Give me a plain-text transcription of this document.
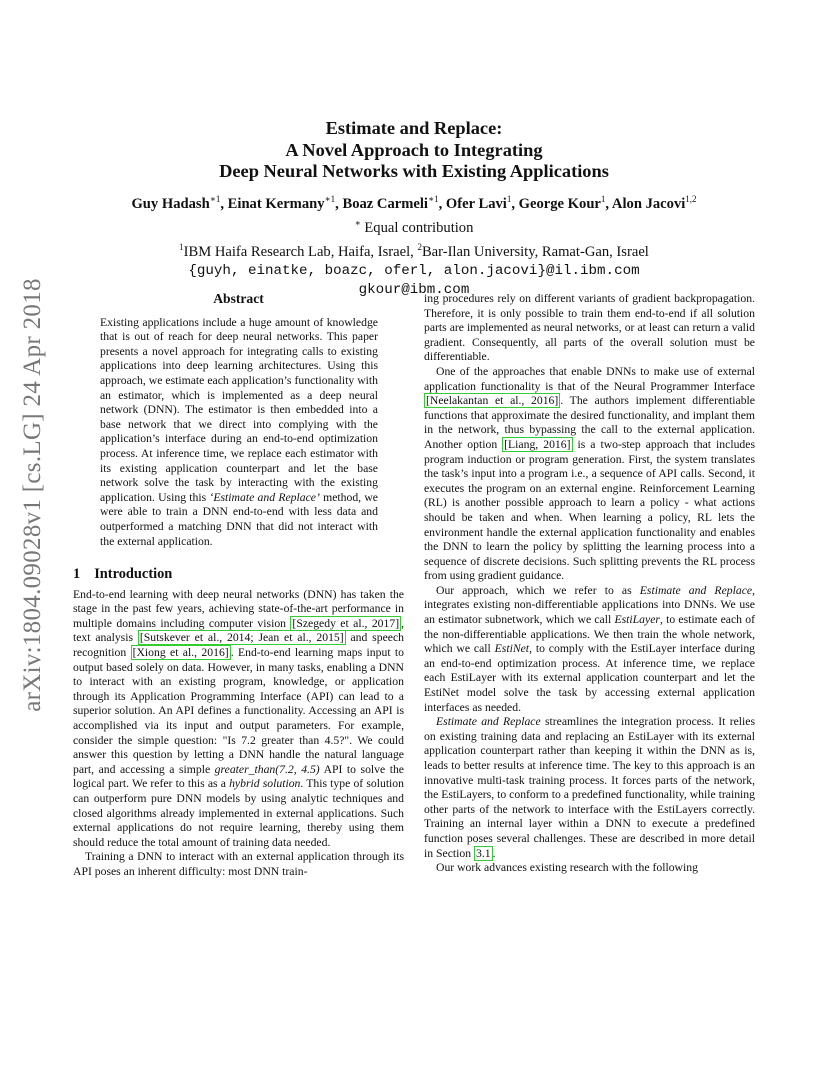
arXiv:1804.09028v1 [cs.LG] 24 Apr 2018
Estimate and Replace:
A Novel Approach to Integrating
Deep Neural Networks with Existing Applications
Guy Hadash$^{∗1}$, Einat Kermany$^{∗1}$, Boaz Carmeli$^{∗1}$, Ofer Lavi$^1$, George Kour$^1$, Alon Jacovi$^{1,2}$
∗ Equal contribution
$^1$IBM Haifa Research Lab, Haifa, Israel, $^2$Bar-Ilan University, Ramat-Gan, Israel
{guyh, einatke, boazc, oferl, alon.jacovi}@il.ibm.com
gkour@ibm.com
Abstract

Existing applications include a huge amount of knowledge that is out of reach for deep neural networks. This paper presents a novel approach for integrating calls to existing applications into deep learning architectures. Using this approach, we estimate each application’s functionality with an estimator, which is implemented as a deep neural network (DNN). The estimator is then embedded into a base network that we direct into complying with the application’s interface during an end-to-end optimization process. At inference time, we replace each estimator with its existing application counterpart and let the base network solve the task by interacting with the existing application. Using this ‘Estimate and Replace’ method, we were able to train a DNN end-to-end with less data and outperformed a matching DNN that did not interact with the external application.

1 Introduction

End-to-end learning with deep neural networks (DNN) has taken the stage in the past few years, achieving state-of-the-art performance in multiple domains including computer vision [Szegedy et al., 2017] , text analysis [Sutskever et al., 2014; Jean et al., 2015] and speech recognition [Xiong et al., 2016] . End-to-end learning maps input to output based solely on data. However, in many tasks, enabling a DNN to interact with an existing program, knowledge, or application through its Application Programming Interface (API) can lead to a superior solution. An API defines a functionality. Accessing an API is accomplished via its input and output parameters. For example, consider the simple question: "Is 7.2 greater than 4.5?". We could answer this question by letting a DNN handle the natural language part, and accessing a simple greater_than(7.2, 4.5) API to solve the logical part. We refer to this as a hybrid solution. This type of solution can outperform pure DNN models by using analytic techniques and closed algorithms already implemented in external applications. Such external applications do not require learning, thereby using them should reduce the total amount of training data needed.

Training a DNN to interact with an external application through its API poses an inherent difficulty: most DNN train-

ing procedures rely on different variants of gradient backpropagation. Therefore, it is only possible to train them end-to-end if all solution parts are implemented as neural networks, or at least can return a valid gradient. Consequently, all parts of the overall solution must be differentiable.

One of the approaches that enable DNNs to make use of external application functionality is that of the Neural Programmer Interface [Neelakantan et al., 2016] . The authors implement differentiable functions that approximate the desired functionality, and implant them in the network, thus bypassing the call to the external application. Another option [Liang, 2016] is a two-step approach that includes program induction or program generation. First, the system translates the task’s input into a program i.e., a sequence of API calls. Second, it executes the program on an external engine. Reinforcement Learning (RL) is another possible approach to learn a policy - what actions should be taken and when. When learning a policy, RL lets the environment handle the external application functionality and enables the DNN to learn the policy by splitting the learning process into a sequence of discrete decisions. Such splitting prevents the RL process from using gradient guidance.

Our approach, which we refer to as Estimate and Replace, integrates existing non-differentiable applications into DNNs. We use an estimator subnetwork, which we call EstiLayer, to estimate each of the non-differentiable applications. We then train the whole network, which we call EstiNet, to comply with the EstiLayer interface during an end-to-end optimization process. At inference time, we replace each EstiLayer with its external application counterpart and let the EstiNet model solve the task by accessing external application interfaces as needed.

Estimate and Replace streamlines the integration process. It relies on existing training data and replacing an EstiLayer with its external application counterpart rather than keeping it within the DNN as is, leads to better results at inference time. The key to this approach is an innovative multi-task training process. It forces parts of the network, the EstiLayers, to conform to a predefined functionality, while training other parts of the network to interface with the EstiLayers correctly. Training an internal layer within a DNN to execute a predefined function poses several challenges. These are described in more detail in Section 3.1 .

Our work advances existing research with the following
